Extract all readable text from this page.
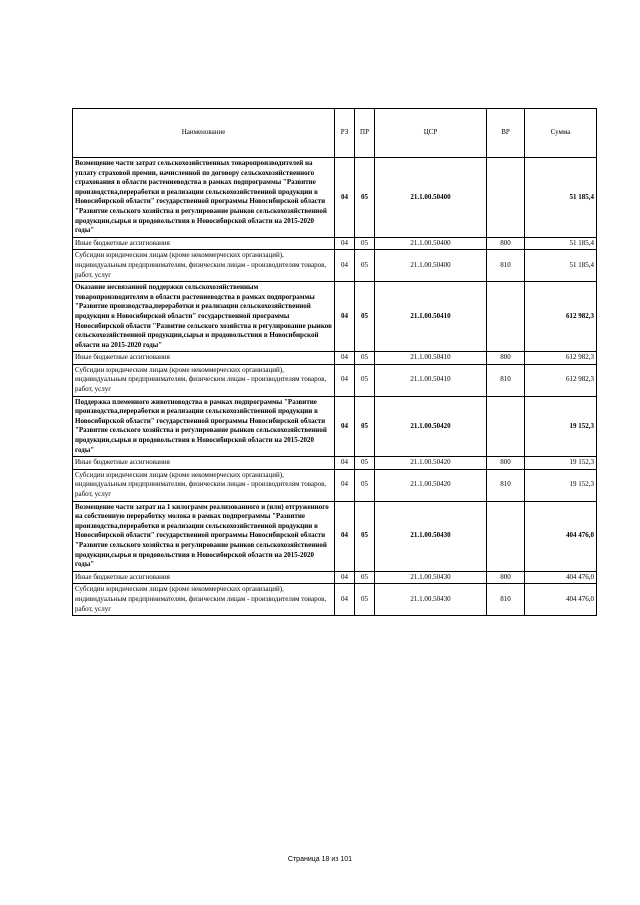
Наименование	РЗ	ПР	ЦСР	ВР	Сумма
Возмещение части затрат сельскохозяйственных товаропроизводителей на уплату страховой премии, начисленной по договору сельскохозяйственного страхования в области растениеводства в рамках подпрограммы "Развитие производства,переработки и реализации сельскохозяйственной продукции в Новосибирской области" государственной программы Новосибирской области "Развитие сельского хозяйства и регулирование рынков сельскохозяйственной продукции,сырья и продовольствия в Новосибирской области на 2015-2020 годы"	04	05	21.1.00.50400		51 185,4
Иные бюджетные ассигнования	04	05	21.1.00.50400	800	51 185,4
Субсидии юридическим лицам (кроме некоммерческих организаций), индивидуальным предпринимателям, физическим лицам - производителям товаров, работ, услуг	04	05	21.1.00.50400	810	51 185,4
Оказание несвязанной поддержки сельскохозяйственным товаропроизводителям в области растениеводства в рамках подпрограммы "Развитие производства,переработки и реализации сельскохозяйственной продукции в Новосибирской области" государственной программы Новосибирской области "Развитие сельского хозяйства и регулирование рынков сельскохозяйственной продукции,сырья и продовольствия в Новосибирской области на 2015-2020 годы"	04	05	21.1.00.50410		612 982,3
Иные бюджетные ассигнования	04	05	21.1.00.50410	800	612 982,3
Субсидии юридическим лицам (кроме некоммерческих организаций), индивидуальным предпринимателям, физическим лицам - производителям товаров, работ, услуг	04	05	21.1.00.50410	810	612 982,3
Поддержка племенного животноводства в рамках подпрограммы "Развитие производства,переработки и реализации сельскохозяйственной продукции в Новосибирской области" государственной программы Новосибирской области "Развитие сельского хозяйства и регулирование рынков сельскохозяйственной продукции,сырья и продовольствия в Новосибирской области на 2015-2020 годы"	04	05	21.1.00.50420		19 152,3
Иные бюджетные ассигнования	04	05	21.1.00.50420	800	19 152,3
Субсидии юридическим лицам (кроме некоммерческих организаций), индивидуальным предпринимателям, физическим лицам - производителям товаров, работ, услуг	04	05	21.1.00.50420	810	19 152,3
Возмещение части затрат на 1 килограмм реализованного и (или) отгруженного на собственную переработку молока в рамках подпрограммы "Развитие производства,переработки и реализации сельскохозяйственной продукции в Новосибирской области" государственной программы Новосибирской области "Развитие сельского хозяйства и регулирование рынков сельскохозяйственной продукции,сырья и продовольствия в Новосибирской области на 2015-2020 годы"	04	05	21.1.00.50430		404 476,0
Иные бюджетные ассигнования	04	05	21.1.00.50430	800	404 476,0
Субсидии юридическим лицам (кроме некоммерческих организаций), индивидуальным предпринимателям, физическим лицам - производителям товаров, работ, услуг	04	05	21.1.00.50430	810	404 476,0
Страница 18 из 101
